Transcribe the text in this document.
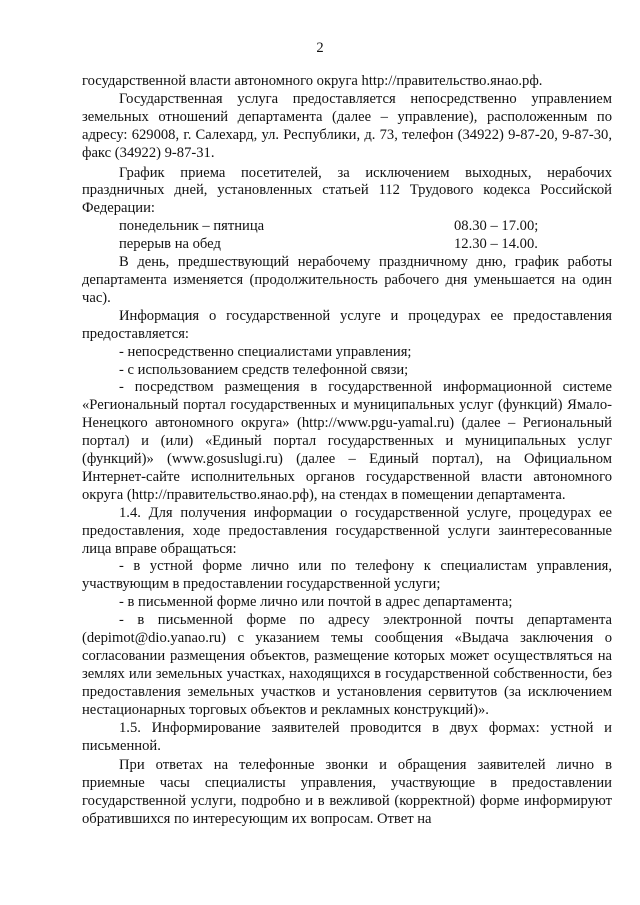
2

государственной власти автономного округа http://правительство.янао.рф.

Государственная услуга предоставляется непосредственно управлением земельных отношений департамента (далее – управление), расположенным по адресу: 629008, г. Салехард, ул. Республики, д. 73, телефон (34922) 9-87-20, 9-87-30, факс (34922) 9-87-31.

График приема посетителей, за исключением выходных, нерабочих праздничных дней, установленных статьей 112 Трудового кодекса Российской Федерации:

понедельник – пятница	08.30 – 17.00;
перерыв на обед	12.30 – 14.00.

В день, предшествующий нерабочему праздничному дню, график работы департамента изменяется (продолжительность рабочего дня уменьшается на один час).

Информация о государственной услуге и процедурах ее предоставления предоставляется:

- непосредственно специалистами управления;

- с использованием средств телефонной связи;

- посредством размещения в государственной информационной системе «Региональный портал государственных и муниципальных услуг (функций) Ямало-Ненецкого автономного округа» (http://www.pgu-yamal.ru) (далее – Региональный портал) и (или) «Единый портал государственных и муниципальных услуг (функций)» (www.gosuslugi.ru) (далее – Единый портал), на Официальном Интернет-сайте исполнительных органов государственной власти автономного округа (http://правительство.янао.рф), на стендах в помещении департамента.

1.4. Для получения информации о государственной услуге, процедурах ее предоставления, ходе предоставления государственной услуги заинтересованные лица вправе обращаться:

- в устной форме лично или по телефону к специалистам управления, участвующим в предоставлении государственной услуги;

- в письменной форме лично или почтой в адрес департамента;

- в письменной форме по адресу электронной почты департамента (depimot@dio.yanao.ru) с указанием темы сообщения «Выдача заключения о согласовании размещения объектов, размещение которых может осуществляться на землях или земельных участках, находящихся в государственной собственности, без предоставления земельных участков и установления сервитутов (за исключением нестационарных торговых объектов и рекламных конструкций)».

1.5. Информирование заявителей проводится в двух формах: устной и письменной.

При ответах на телефонные звонки и обращения заявителей лично в приемные часы специалисты управления, участвующие в предоставлении государственной услуги, подробно и в вежливой (корректной) форме информируют обратившихся по интересующим их вопросам. Ответ на
